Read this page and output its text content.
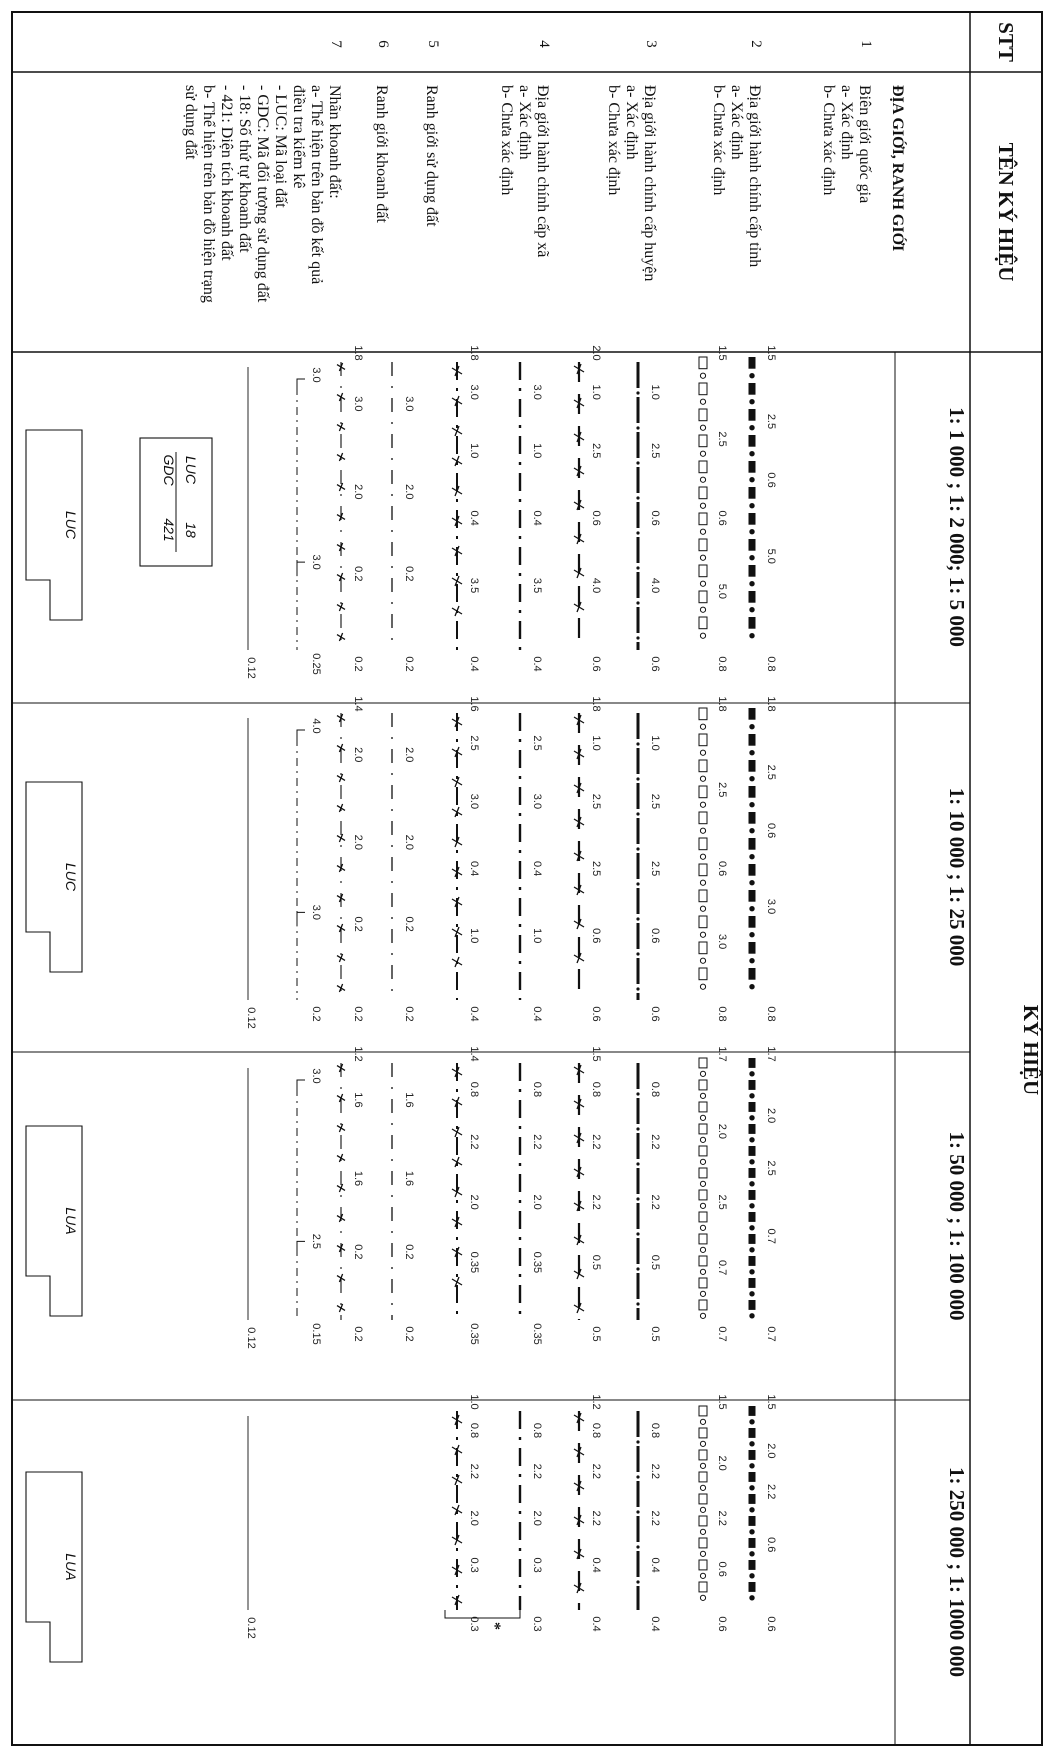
STT
TÊN KÝ HIỆU
KÝ HIỆU
1: 1 000 ; 1: 2 000; 1: 5 000
1: 10 000 ; 1: 25 000
1: 50 000 ; 1: 100 000
1: 250 000 ; 1: 1000 000
ĐỊA GIỚI, RANH GIỚI
1
Biên giới quốc gia
a- Xác định
b- Chưa xác định
2
Địa giới hành chính cấp tỉnh
a- Xác định
b- Chưa xác định
3
Địa giới hành chính cấp huyện
a- Xác định
b- Chưa xác định
4
Địa giới hành chính cấp xã
a- Xác định
b- Chưa xác định
5
Ranh giới sử dụng đất
6
Ranh giới khoanh đất
7
Nhãn khoanh đất:
a- Thể hiện trên bản đồ kết quả
điều tra kiểm kê
- LUC: Mã loại đất
- GDC: Mã đối tượng sử dụng đất
- 18: Số thứ tự khoanh đất
- 421: Diện tích khoanh đất
b- Thể hiện trên bản đồ hiện trạng
sử dụng đất
1.5
2.5
0.6
5.0
0.8
1.5
2.5
0.6
5.0
0.8
1.0
2.5
0.6
4.0
0.6
2.0
1.0
2.5
0.6
4.0
0.6
3.0
1.0
0.4
3.5
0.4
1.8
3.0
1.0
0.4
3.5
0.4
3.0
2.0
0.2
0.2
1.8
3.0
2.0
0.2
0.2
3.0
3.0
0.25
0.12
1.8
2.5
0.6
3.0
0.8
1.8
2.5
0.6
3.0
0.8
1.0
2.5
2.5
0.6
0.6
1.8
1.0
2.5
2.5
0.6
0.6
2.5
3.0
0.4
1.0
0.4
1.6
2.5
3.0
0.4
1.0
0.4
2.0
2.0
0.2
0.2
1.4
2.0
2.0
0.2
0.2
4.0
3.0
0.2
0.12
1.7
2.0
2.5
0.7
0.7
1.7
2.0
2.5
0.7
0.7
0.8
2.2
2.2
0.5
0.5
1.5
0.8
2.2
2.2
0.5
0.5
0.8
2.2
2.0
0.35
0.35
1.4
0.8
2.2
2.0
0.35
0.35
1.6
1.6
0.2
0.2
1.2
1.6
1.6
0.2
0.2
3.0
2.5
0.15
0.12
1.5
2.0
2.2
0.6
0.6
1.5
2.0
2.2
0.6
0.6
0.8
2.2
2.2
0.4
0.4
1.2
0.8
2.2
2.2
0.4
0.4
0.8
2.2
2.0
0.3
0.3
1.0
0.8
2.2
2.0
0.3
0.3
0.12	*
LUC
18
GDC
421
LUC
LUC
LUA
LUA
